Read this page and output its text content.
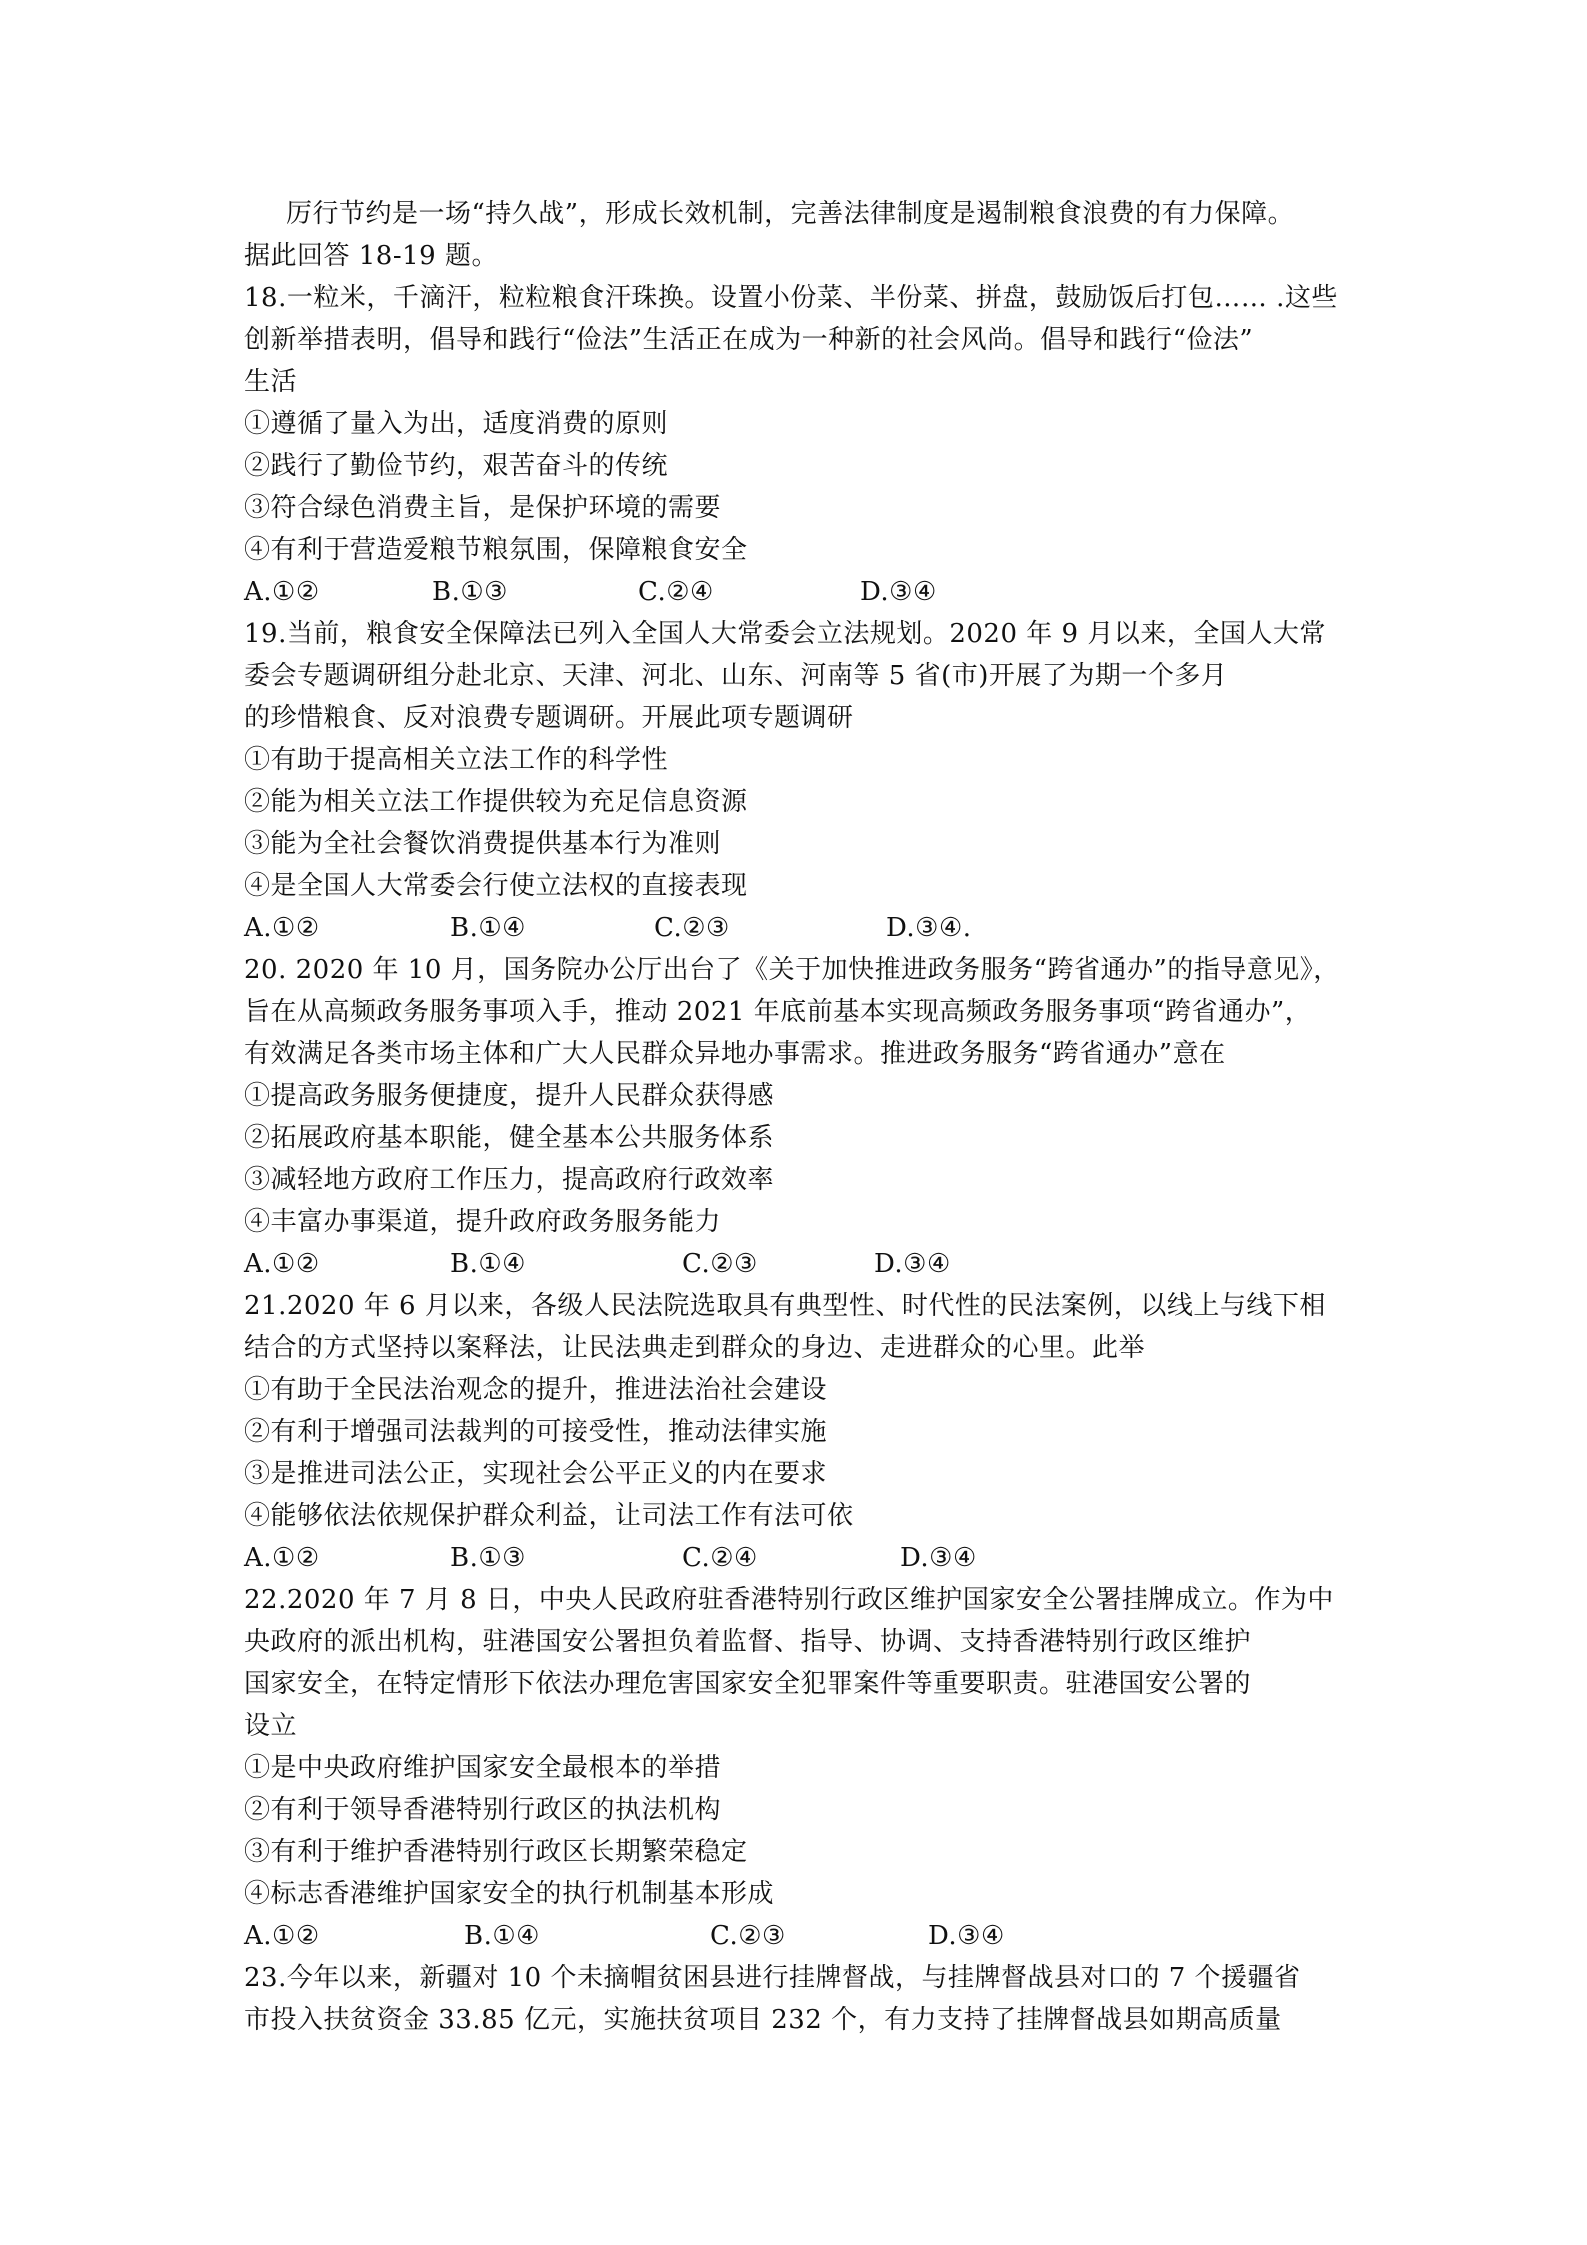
厉行节约是一场“持久战”，形成长效机制，完善法律制度是遏制粮食浪费的有力保障。
据此回答 18-19 题。
18.一粒米，千滴汗，粒粒粮食汗珠换。设置小份菜、半份菜、拼盘，鼓励饭后打包…… .这些
创新举措表明，倡导和践行“俭法”生活正在成为一种新的社会风尚。倡导和践行“俭法”
生活
①遵循了量入为出，适度消费的原则
②践行了勤俭节约，艰苦奋斗的传统
③符合绿色消费主旨，是保护环境的需要
④有利于营造爱粮节粮氛围，保障粮食安全
A.①②	B.①③	C.②④	D.③④
19.当前，粮食安全保障法已列入全国人大常委会立法规划。2020 年 9 月以来，全国人大常
委会专题调研组分赴北京、天津、河北、山东、河南等 5 省(市)开展了为期一个多月
的珍惜粮食、反对浪费专题调研。开展此项专题调研
①有助于提高相关立法工作的科学性
②能为相关立法工作提供较为充足信息资源
③能为全社会餐饮消费提供基本行为准则
④是全国人大常委会行使立法权的直接表现
A.①②	B.①④	C.②③	D.③④.
20. 2020 年 10 月，国务院办公厅出台了《关于加快推进政务服务“跨省通办”的指导意见》，
旨在从高频政务服务事项入手，推动 2021 年底前基本实现高频政务服务事项“跨省通办”，
有效满足各类市场主体和广大人民群众异地办事需求。推进政务服务“跨省通办”意在
①提高政务服务便捷度，提升人民群众获得感
②拓展政府基本职能，健全基本公共服务体系
③减轻地方政府工作压力，提高政府行政效率
④丰富办事渠道，提升政府政务服务能力
A.①②	B.①④	C.②③	D.③④
21.2020 年 6 月以来，各级人民法院选取具有典型性、时代性的民法案例，以线上与线下相
结合的方式坚持以案释法，让民法典走到群众的身边、走进群众的心里。此举
①有助于全民法治观念的提升，推进法治社会建设
②有利于增强司法裁判的可接受性，推动法律实施
③是推进司法公正，实现社会公平正义的内在要求
④能够依法依规保护群众利益，让司法工作有法可依
A.①②	B.①③	C.②④	D.③④
22.2020 年 7 月 8 日，中央人民政府驻香港特别行政区维护国家安全公署挂牌成立。作为中
央政府的派出机构，驻港国安公署担负着监督、指导、协调、支持香港特别行政区维护
国家安全，在特定情形下依法办理危害国家安全犯罪案件等重要职责。驻港国安公署的
设立
①是中央政府维护国家安全最根本的举措
②有利于领导香港特别行政区的执法机构
③有利于维护香港特别行政区长期繁荣稳定
④标志香港维护国家安全的执行机制基本形成
A.①②	B.①④	C.②③	D.③④
23.今年以来，新疆对 10 个未摘帽贫困县进行挂牌督战，与挂牌督战县对口的 7 个援疆省
市投入扶贫资金 33.85 亿元，实施扶贫项目 232 个，有力支持了挂牌督战县如期高质量
